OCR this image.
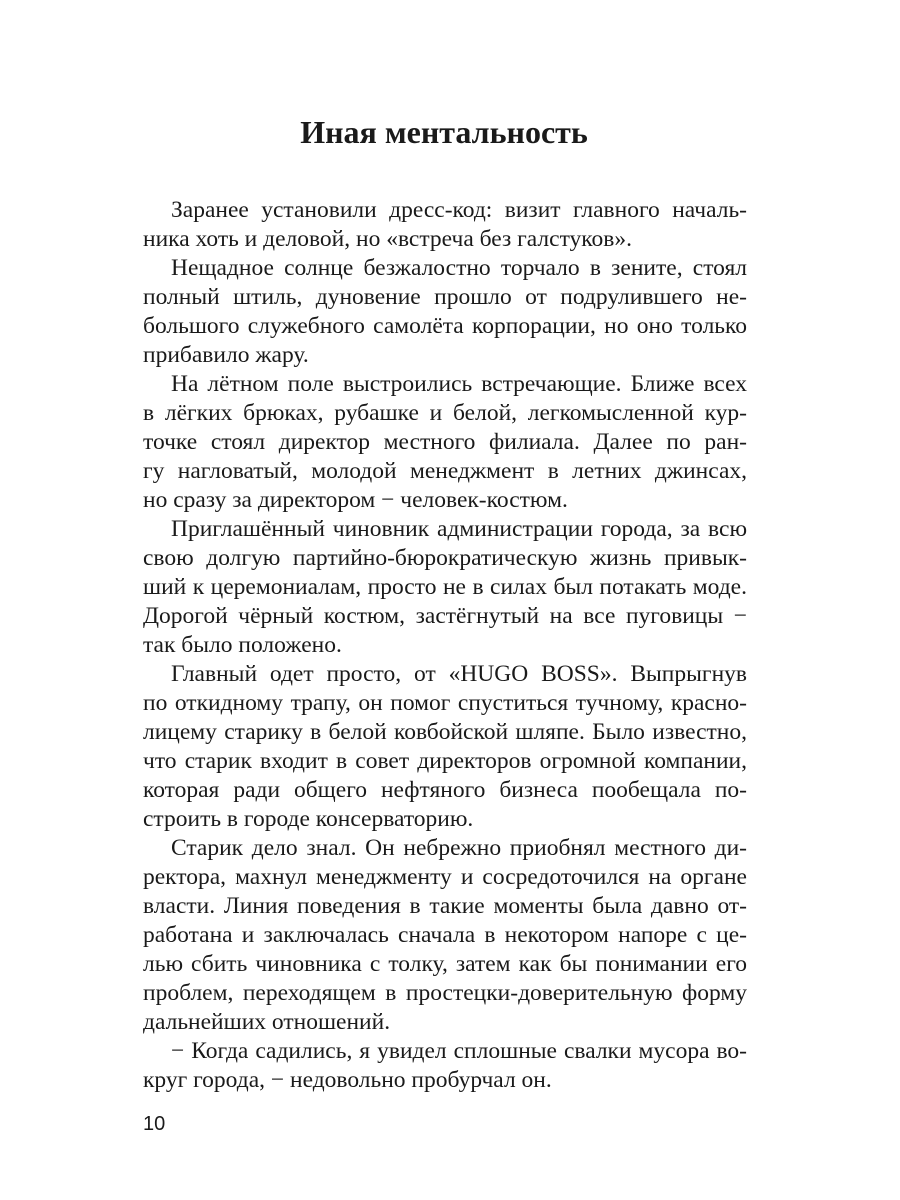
Иная ментальность
Заранее установили дресс-код: визит главного началь-
ника хоть и деловой, но «встреча без галстуков».
Нещадное солнце безжалостно торчало в зените, стоял
полный штиль, дуновение прошло от подрулившего не-
большого служебного самолёта корпорации, но оно только
прибавило жару.
На лётном поле выстроились встречающие. Ближе всех
в лёгких брюках, рубашке и белой, легкомысленной кур-
точке стоял директор местного филиала. Далее по ран-
гу нагловатый, молодой менеджмент в летних джинсах,
но сразу за директором − человек-костюм.
Приглашённый чиновник администрации города, за всю
свою долгую партийно-бюрократическую жизнь привык-
ший к церемониалам, просто не в силах был потакать моде.
Дорогой чёрный костюм, застёгнутый на все пуговицы −
так было положено.
Главный одет просто, от «HUGO BOSS». Выпрыгнув
по откидному трапу, он помог спуститься тучному, красно-
лицему старику в белой ковбойской шляпе. Было известно,
что старик входит в совет директоров огромной компании,
которая ради общего нефтяного бизнеса пообещала по-
строить в городе консерваторию.
Старик дело знал. Он небрежно приобнял местного ди-
ректора, махнул менеджменту и сосредоточился на органе
власти. Линия поведения в такие моменты была давно от-
работана и заключалась сначала в некотором напоре с це-
лью сбить чиновника с толку, затем как бы понимании его
проблем, переходящем в простецки-доверительную форму
дальнейших отношений.
− Когда садились, я увидел сплошные свалки мусора во-
круг города, − недовольно пробурчал он.
10
